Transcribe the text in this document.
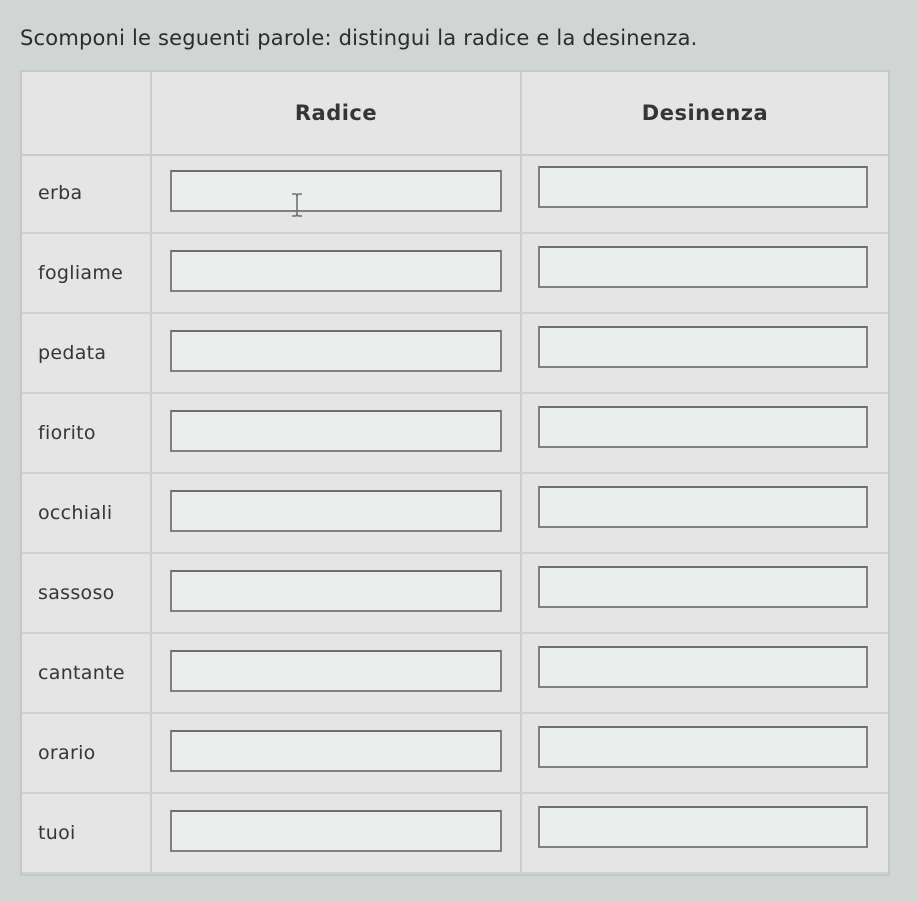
Scomponi le seguenti parole: distingui la radice e la desinenza.
Radice	Desinenza
erba
fogliame
pedata
fiorito
occhiali
sassoso
cantante
orario
tuoi
